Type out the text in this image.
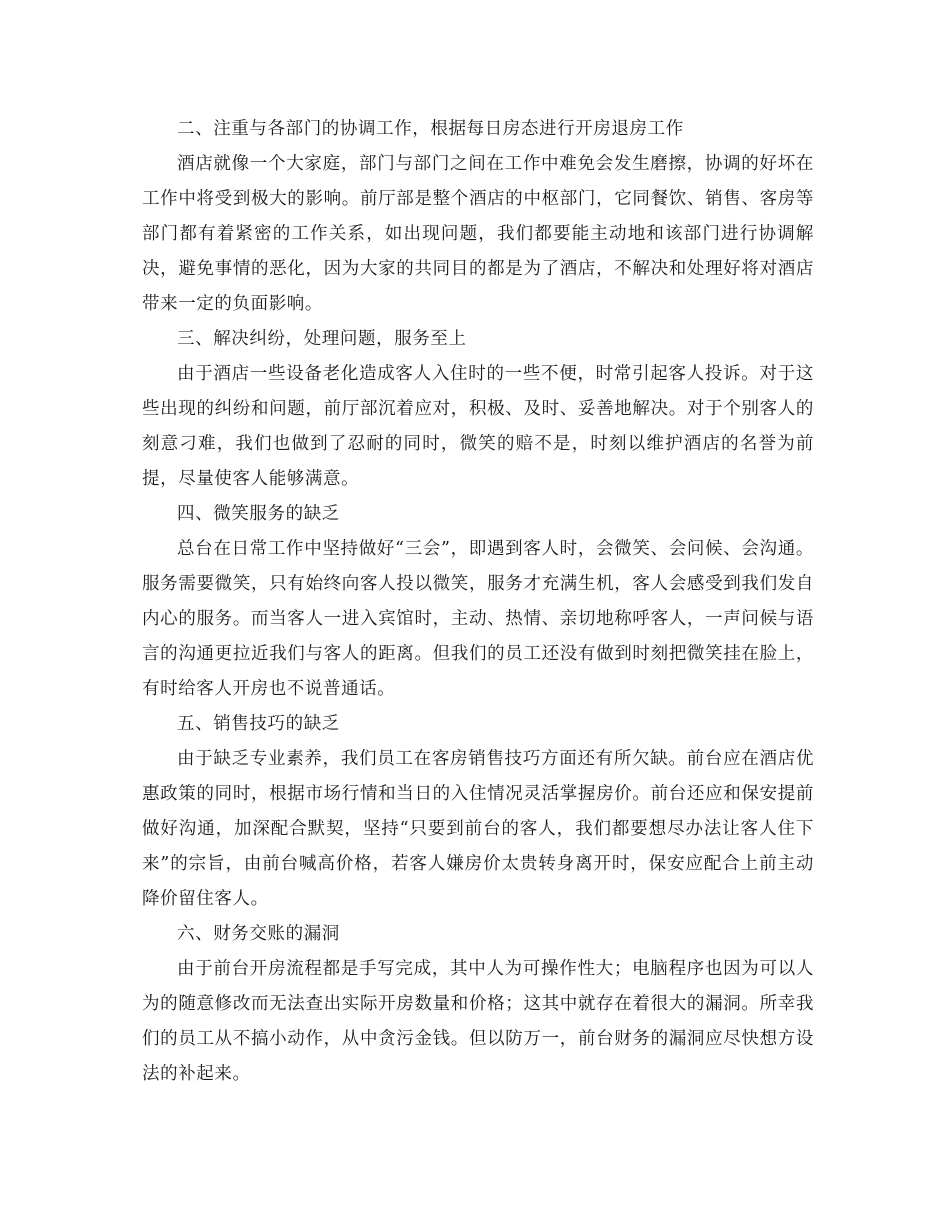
二、注重与各部门的协调工作，根据每日房态进行开房退房工作

酒店就像一个大家庭，部门与部门之间在工作中难免会发生磨擦，协调的好坏在工作中将受到极大的影响。前厅部是整个酒店的中枢部门，它同餐饮、销售、客房等部门都有着紧密的工作关系，如出现问题，我们都要能主动地和该部门进行协调解决，避免事情的恶化，因为大家的共同目的都是为了酒店，不解决和处理好将对酒店带来一定的负面影响。

三、解决纠纷，处理问题，服务至上

由于酒店一些设备老化造成客人入住时的一些不便，时常引起客人投诉。对于这些出现的纠纷和问题，前厅部沉着应对，积极、及时、妥善地解决。对于个别客人的刻意刁难，我们也做到了忍耐的同时，微笑的赔不是，时刻以维护酒店的名誉为前提，尽量使客人能够满意。

四、微笑服务的缺乏

总台在日常工作中坚持做好“三会”，即遇到客人时，会微笑、会问候、会沟通。服务需要微笑，只有始终向客人投以微笑，服务才充满生机，客人会感受到我们发自内心的服务。而当客人一进入宾馆时，主动、热情、亲切地称呼客人，一声问候与语言的沟通更拉近我们与客人的距离。但我们的员工还没有做到时刻把微笑挂在脸上，有时给客人开房也不说普通话。

五、销售技巧的缺乏

由于缺乏专业素养，我们员工在客房销售技巧方面还有所欠缺。前台应在酒店优惠政策的同时，根据市场行情和当日的入住情况灵活掌握房价。前台还应和保安提前做好沟通，加深配合默契，坚持“只要到前台的客人，我们都要想尽办法让客人住下来”的宗旨，由前台喊高价格，若客人嫌房价太贵转身离开时，保安应配合上前主动降价留住客人。

六、财务交账的漏洞

由于前台开房流程都是手写完成，其中人为可操作性大；电脑程序也因为可以人为的随意修改而无法查出实际开房数量和价格；这其中就存在着很大的漏洞。所幸我们的员工从不搞小动作，从中贪污金钱。但以防万一，前台财务的漏洞应尽快想方设法的补起来。
